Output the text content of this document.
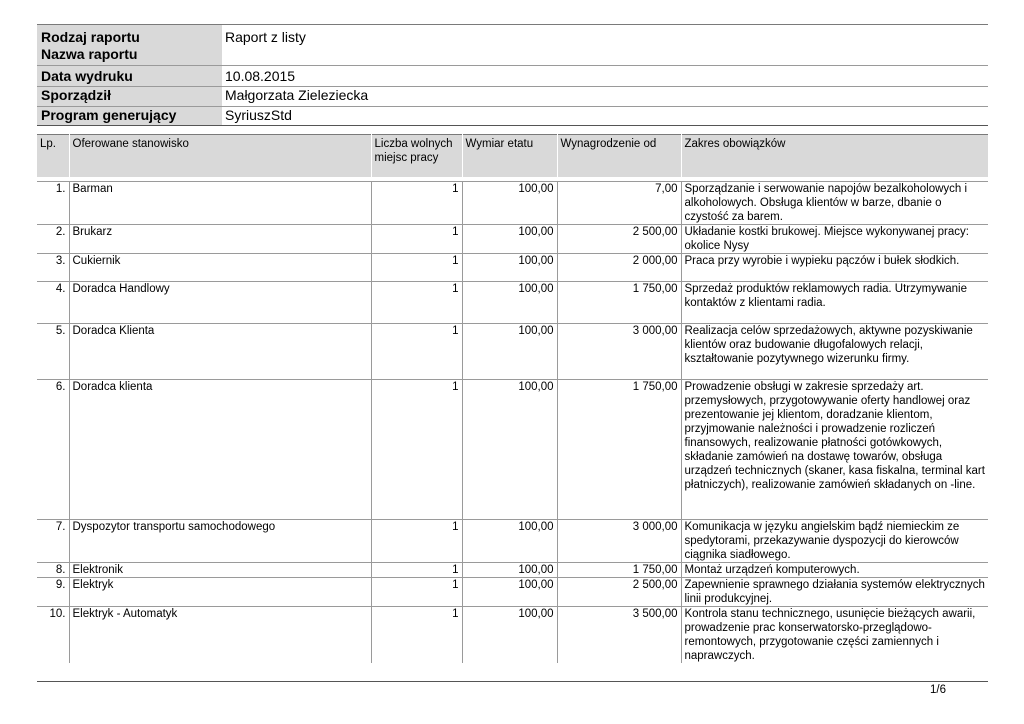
Rodzaj raportu	Raport z listy
Nazwa raportu
Data wydruku	10.08.2015
Sporządził	Małgorzata Zieleziecka
Program generujący	SyriuszStd
Lp.	Oferowane stanowisko	Liczba wolnych miejsc pracy	Wymiar etatu	Wynagrodzenie od	Zakres obowiązków

1.	Barman	1	100,00	7,00	Sporządzanie i serwowanie napojów bezalkoholowych i alkoholowych. Obsługa klientów w barze, dbanie o czystość za barem.
2.	Brukarz	1	100,00	2 500,00	Układanie kostki brukowej. Miejsce wykonywanej pracy: okolice Nysy
3.	Cukiernik	1	100,00	2 000,00	Praca przy wyrobie i wypieku pączów i bułek słodkich.
4.	Doradca Handlowy	1	100,00	1 750,00	Sprzedaż produktów reklamowych radia. Utrzymywanie kontaktów z klientami radia.
5.	Doradca Klienta	1	100,00	3 000,00	Realizacja celów sprzedażowych, aktywne pozyskiwanie klientów oraz budowanie długofalowych relacji, kształtowanie pozytywnego wizerunku firmy.
6.	Doradca klienta	1	100,00	1 750,00	Prowadzenie obsługi w zakresie sprzedaży art. przemysłowych, przygotowywanie oferty handlowej oraz prezentowanie jej klientom, doradzanie klientom, przyjmowanie należności i prowadzenie rozliczeń finansowych, realizowanie płatności gotówkowych, składanie zamówień na dostawę towarów, obsługa urządzeń technicznych (skaner, kasa fiskalna, terminal kart płatniczych), realizowanie zamówień składanych on -line.
7.	Dyspozytor transportu samochodowego	1	100,00	3 000,00	Komunikacja w języku angielskim bądź niemieckim ze spedytorami, przekazywanie dyspozycji do kierowców ciągnika siadłowego.
8.	Elektronik	1	100,00	1 750,00	Montaż urządzeń komputerowych.
9.	Elektryk	1	100,00	2 500,00	Zapewnienie sprawnego działania systemów elektrycznych linii produkcyjnej.
10.	Elektryk - Automatyk	1	100,00	3 500,00	Kontrola stanu technicznego, usunięcie bieżących awarii, prowadzenie prac konserwatorsko-przeglądowo-remontowych, przygotowanie części zamiennych i naprawczych.
1/6
